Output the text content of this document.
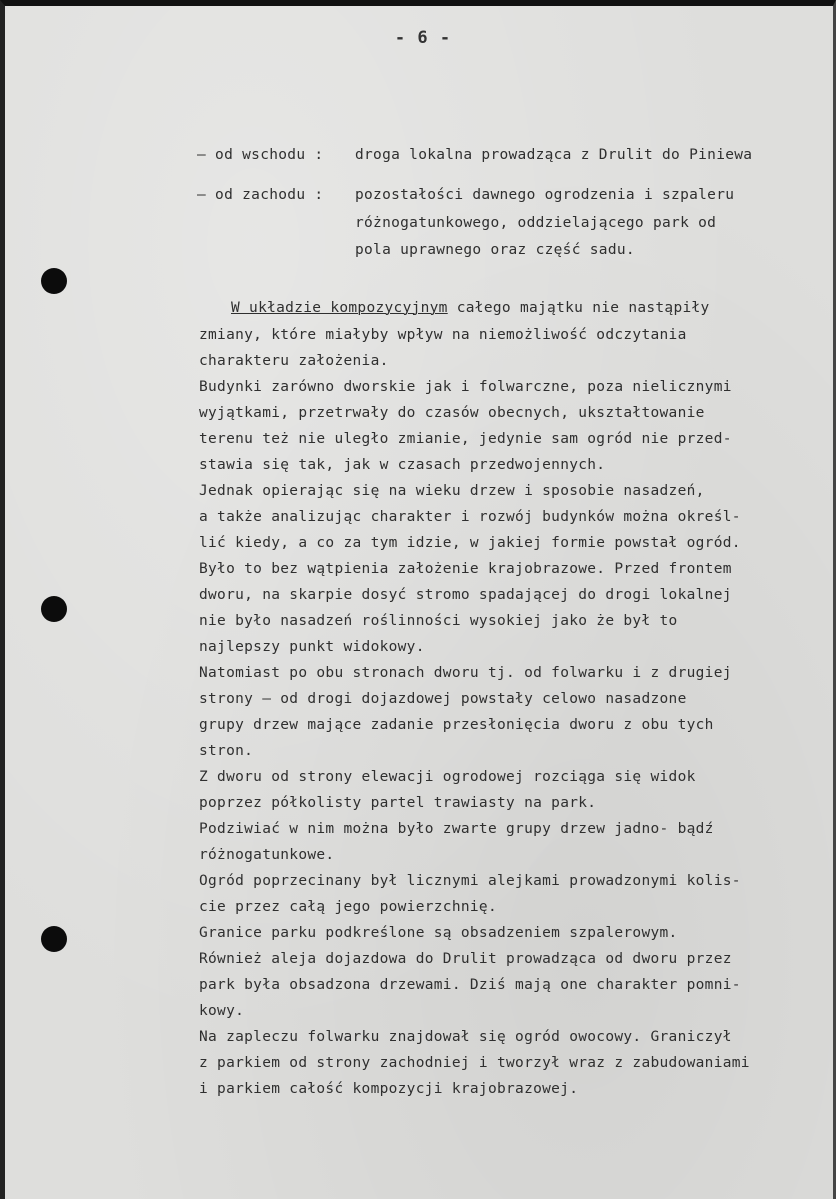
- 6 -
– od wschodu : droga lokalna prowadząca z Drulit do Piniewa
– od zachodu : pozostałości dawnego ogrodzenia i szpaleru
różnogatunkowego, oddzielającego park od
pola uprawnego oraz część sadu.
W układzie kompozycyjnym całego majątku nie nastąpiły
zmiany, które miałyby wpływ na niemożliwość odczytania
charakteru założenia.
Budynki zarówno dworskie jak i folwarczne, poza nielicznymi
wyjątkami, przetrwały do czasów obecnych, ukształtowanie
terenu też nie uległo zmianie, jedynie sam ogród nie przed-
stawia się tak, jak w czasach przedwojennych.
Jednak opierając się na wieku drzew i sposobie nasadzeń,
a także analizując charakter i rozwój budynków można określ-
lić kiedy, a co za tym idzie, w jakiej formie powstał ogród.
Było to bez wątpienia założenie krajobrazowe. Przed frontem
dworu, na skarpie dosyć stromo spadającej do drogi lokalnej
nie było nasadzeń roślinności wysokiej jako że był to
najlepszy punkt widokowy.
Natomiast po obu stronach dworu tj. od folwarku i z drugiej
strony – od drogi dojazdowej powstały celowo nasadzone
grupy drzew mające zadanie przesłonięcia dworu z obu tych
stron.
Z dworu od strony elewacji ogrodowej rozciąga się widok
poprzez półkolisty partel trawiasty na park.
Podziwiać w nim można było zwarte grupy drzew jadno- bądź
różnogatunkowe.
Ogród poprzecinany był licznymi alejkami prowadzonymi kolis-
cie przez całą jego powierzchnię.
Granice parku podkreślone są obsadzeniem szpalerowym.
Również aleja dojazdowa do Drulit prowadząca od dworu przez
park była obsadzona drzewami. Dziś mają one charakter pomni-
kowy.
Na zapleczu folwarku znajdował się ogród owocowy. Graniczył
z parkiem od strony zachodniej i tworzył wraz z zabudowaniami
i parkiem całość kompozycji krajobrazowej.
